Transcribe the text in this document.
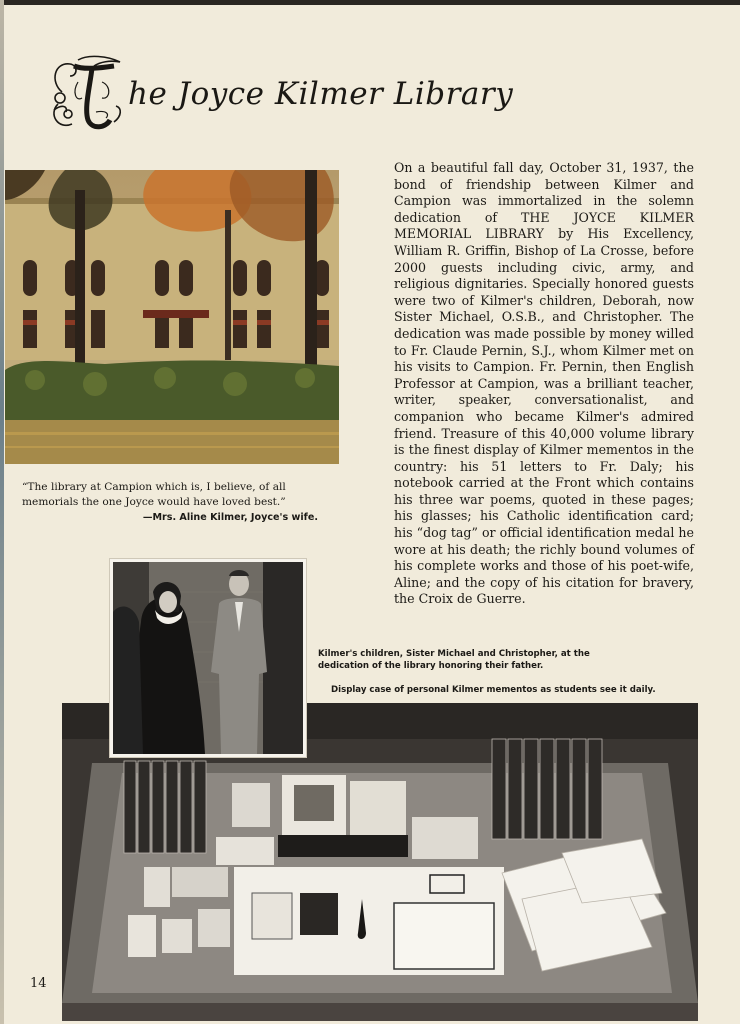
he Joyce Kilmer Library
“The library at Campion which is, I believe, of all memorials the one Joyce would have loved best.”
—Mrs. Aline Kilmer, Joyce's wife.

On a beautiful fall day, October 31, 1937, the bond of friendship between Kilmer and Campion was immortalized in the solemn dedication of THE JOYCE KILMER MEMORIAL LIBRARY by His Excellency, William R. Griffin, Bishop of La Crosse, before 2000 guests including civic, army, and religious dignitaries. Specially honored guests were two of Kilmer's children, Deborah, now Sister Michael, O.S.B., and Christopher. The dedication was made possible by money willed to Fr. Claude Pernin, S.J., whom Kilmer met on his visits to Campion. Fr. Pernin, then English Professor at Campion, was a brilliant teacher, writer, speaker, conversationalist, and companion who became Kilmer's admired friend. Treasure of this 40,000 volume library is the finest display of Kilmer mementos in the country: his 51 letters to Fr. Daly; his notebook carried at the Front which contains his three war poems, quoted in these pages; his glasses; his Catholic identification card; his “dog tag” or official identification medal he wore at his death; the richly bound volumes of his complete works and those of his poet-wife, Aline; and the copy of his citation for bravery, the Croix de Guerre.

Kilmer's children, Sister Michael and Christopher, at the dedication of the library honoring their father.
Display case of personal Kilmer mementos as students see it daily.
14
